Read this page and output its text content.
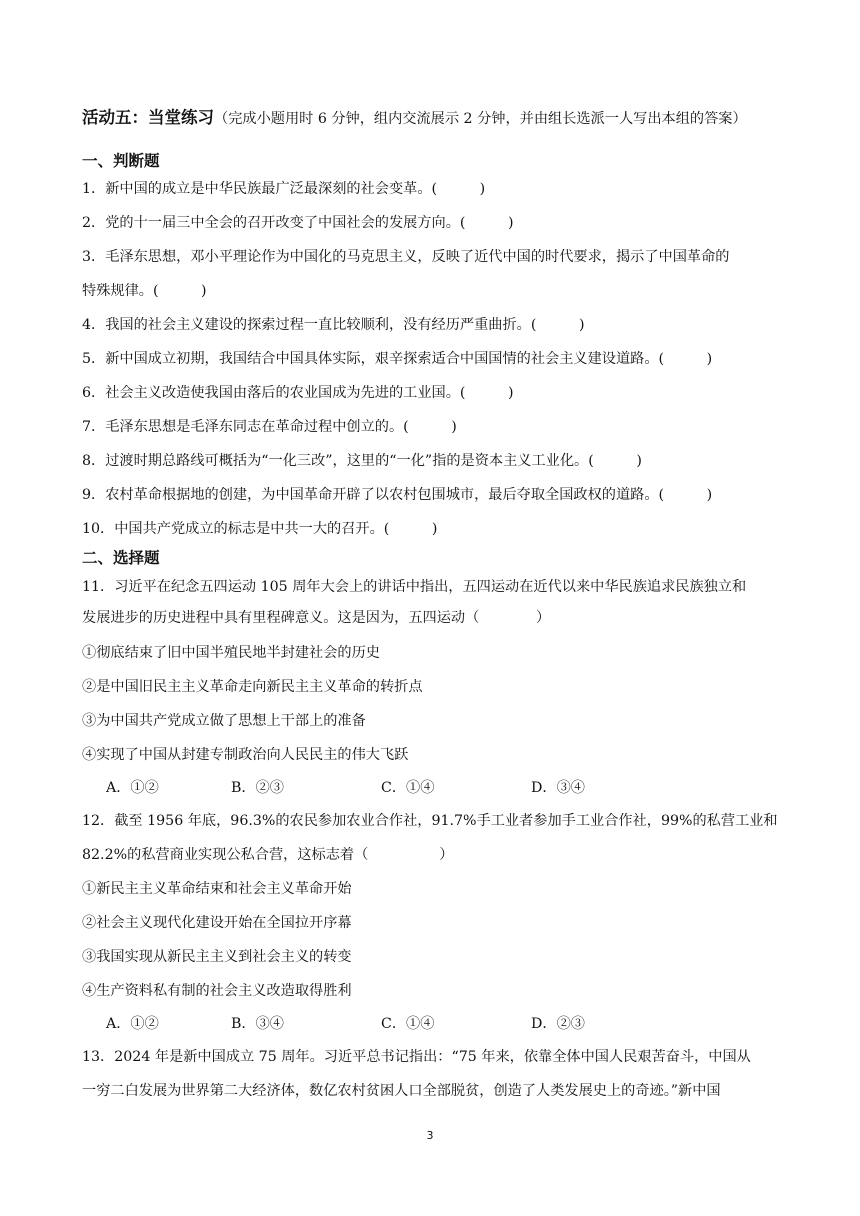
活动五：当堂练习（完成小题用时 6 分钟，组内交流展示 2 分钟，并由组长选派一人写出本组的答案）
一、判断题
1．新中国的成立是中华民族最广泛最深刻的社会变革。(　　　)
2．党的十一届三中全会的召开改变了中国社会的发展方向。(　　　)
3．毛泽东思想，邓小平理论作为中国化的马克思主义，反映了近代中国的时代要求，揭示了中国革命的
特殊规律。(　　　)
4．我国的社会主义建设的探索过程一直比较顺利，没有经历严重曲折。(　　　)
5．新中国成立初期，我国结合中国具体实际，艰辛探索适合中国国情的社会主义建设道路。(　　　)
6．社会主义改造使我国由落后的农业国成为先进的工业国。(　　　)
7．毛泽东思想是毛泽东同志在革命过程中创立的。(　　　)
8．过渡时期总路线可概括为“一化三改”，这里的“一化”指的是资本主义工业化。(　　　)
9．农村革命根据地的创建，为中国革命开辟了以农村包围城市，最后夺取全国政权的道路。(　　　)
10．中国共产党成立的标志是中共一大的召开。(　　　)
二、选择题
11．习近平在纪念五四运动 105 周年大会上的讲话中指出，五四运动在近代以来中华民族追求民族独立和
发展进步的历史进程中具有里程碑意义。这是因为，五四运动（　　　　）
①彻底结束了旧中国半殖民地半封建社会的历史
②是中国旧民主主义革命走向新民主主义革命的转折点
③为中国共产党成立做了思想上干部上的准备
④实现了中国从封建专制政治向人民民主的伟大飞跃
A．①②	B．②③	C．①④	D．③④
12．截至 1956 年底，96.3%的农民参加农业合作社，91.7%手工业者参加手工业合作社，99%的私营工业和
82.2%的私营商业实现公私合营，这标志着（　　　　　）
①新民主主义革命结束和社会主义革命开始
②社会主义现代化建设开始在全国拉开序幕
③我国实现从新民主主义到社会主义的转变
④生产资料私有制的社会主义改造取得胜利
A．①②	B．③④	C．①④	D．②③
13．2024 年是新中国成立 75 周年。习近平总书记指出：“75 年来，依靠全体中国人民艰苦奋斗，中国从
一穷二白发展为世界第二大经济体，数亿农村贫困人口全部脱贫，创造了人类发展史上的奇迹。”新中国
3
